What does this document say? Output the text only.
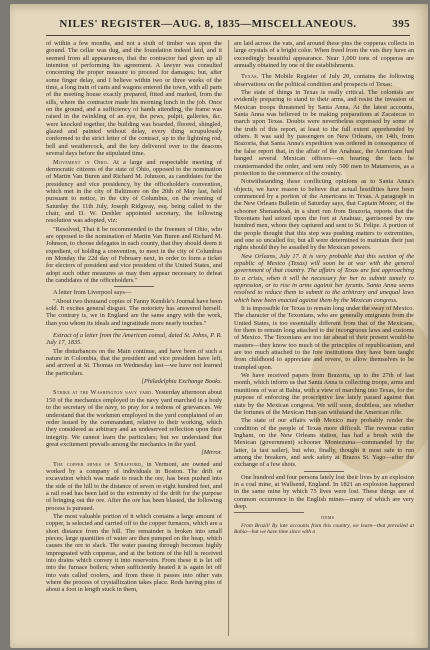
NILES' REGISTER—AUG. 8, 1835—MISCELLANEOUS.	395

of within a few months, and not a sixth of timber was upon the ground. The cellar was dug, and the foundation indeed laid, and it seemed from all appearances, that the contractor had given up all intention of performing his agreement. A lawyer was consulted concerning the proper measure to proceed for damages; but, after some finger delay, and I believe within two or three weeks of the time, a long train of carts and wagons entered the town, with all parts of the meeting house exactly prepared, fitted and marked, from the sills, where the contractor made his morning lunch in the job. Once on the ground, and a sufficiency of hands attending, the frame was raised in the twinkling of an eye, the pews, pulpit, galleries, &c. were knocked together, the building was boarded, floored, shingled, glazed and painted without delay, every thing scrupulously conformed to the strict letter of the contract, up to the lightning rod, bell and weathercock, and the key delivered over to the deacons several days before the stipulated time.

Movement in Ohio. At a large and respectable meeting of democratic citizens of the state of Ohio, opposed to the nomination of Martin Van Buren and Richard M. Johnson, as candidates for the presidency and vice presidency, by the officeholder's convention, which met in the city of Baltimore on the 20th of May last, held pursuant to notice, in the city of Columbus, on the evening of Saturday the 11th July, Joseph Ridgway, esq. being called to the chair, and D. W. Deshler appointed secretary, the following resolution was adopted, viz:

"Resolved, That it be recommended to the freemen of Ohio, who are opposed to the nomination of Martin Van Buren and Richard M. Johnson, to choose delegates in each county, that they should deem it expedient, of holding a convention, to meet in the city of Columbus on Monday the 22d day of February next, in order to form a ticket for electors of president and vice president of the United States, and adopt such other measures as may then appear necessary to defeat the candidates of the officeholders."

A letter from Liverpool says—

"About two thousand copies of Fanny Kemble's Journal have been sold. It excites general disgust. The notoriety has answered herself. The contrary is, we in England are the same angry with the work, than you whom its ideals and ingratitude more nearly touches."

Extract of a letter from the American consul, dated St. Johns, P. R. July 17, 1835.

The disturbances on the Main continue, and have been of such a nature in Colombia, that the president and vice president have left, and arrived at St. Thomas on Wednesday last—we have not learned the particulars.

[Philadelphia Exchange Books.

Strike at the Washington navy yard. Yesterday afternoon about 150 of the mechanics employed in the navy yard marched in a body to the secretary of the navy, to pray for a redress of grievances. We understand that the workmen employed in the yard complained of an order issued by the commandant, relative to their working, which they considered as arbitrary and an undeserved reflection upon their integrity. We cannot learn the particulars; but we understand that great excitement prevails among the mechanics in the yard.

[Mirror.

The copper mines of Strafford, in Vermont, are owned and worked by a company of individuals in Boston. The drift or excavation which was made to reach the ore, has been pushed into the side of the hill to the distance of seven or eight hundred feet, and a rail road has been laid to the extremity of the drift for the purpose of bringing out the ore. After the ore has been blasted, the following process is pursued.

The most valuable portion of it which contains a large amount of copper, is selected and carried off to the copper furnaces, which are a short distance from the hill. The remainder is broken into small pieces; large quantities of water are then pumped on the heap, which causes the ore to slack. The water passing through becomes highly impregnated with copperas, and at the bottom of the hill is received into drains which convey it into reservoirs. From these it is let off into the furnace boilers; when sufficiently heated it is again let off into vats called coolers, and from these it passes into other vats where the process of crystallization takes place. Rods having pins of about a foot in length stuck in them,

are laid across the vats, and around these pins the copperas collects in large crystals of a bright color. When freed from the vats they have an exceedingly beautiful appearance. Near 1,000 tons of copperas are annually obtained by one of the establishments.

Texas. The Mobile Register of July 20, contains the following observations on the political condition and prospects of Texas:

The state of things in Texas is really critical. The colonists are evidently preparing to stand to their arms, and resist the invasion of Mexican troops threatened by Santa Anna. At the latest accounts, Santa Anna was believed to be making preparations at Zacatecas to march upon Texas. Doubts were nevertheless expressed by some of the truth of this report, at least to the full extent apprehended by others. It was said by passengers on New Orleans, on 14th, from Brazoria, that Santa Anna's expedition was ordered in consequence of the false report that, in the affair of the Anahuac, the Americans had hanged several Mexican officers—on hearing the facts he countermanded the order, and sent only 500 men to Matamoros, as a protection to the commerce of the country.

Notwithstanding these conflicting opinions as to Santa Anna's objects, we have reason to believe that actual hostilities have been commenced by a portion of the Americans in Texas. A paragraph in the New Orleans Bulletin of Saturday says, that Captain Moore, of the schooner Shenandoah, in a short run from Brazoria, reports that the Texonians had seized upon the fort at Anahuac, garrisoned by one hundred men, whom they captured and sent to St. Felipe. A portion of the people thought that this step was pushing matters to extremities, and one so uncalled for, but all were determined to maintain their just rights should they be assailed by the Mexican powers.

New Orleans, July 17. It is very probable that this section of the republic of Mexico (Texas) will soon be at war with the general government of that country. The affairs of Texas are fast approaching to a crisis, when it will be necessary for her to submit tamely to oppression, or to rise in arms against her tyrants. Santa Anna seems resolved to reduce them to submit to the arbitrary and unequal laws which have been enacted against them by the Mexican congress.

It is impossible for Texas to remain long under the sway of Mexico. The character of the Texonians, who are generally emigrants from the United States, is too essentially different from that of the Mexicans, for them to remain long attached to the incongruous laws and customs of Mexico. The Texonians are too far ahead of their present would-be masters—they know too much of the principles of republicanism, and are too much attached to the free institutions they have been taught from childhood to appreciate and revere, to allow themselves to be trampled upon.

We have received papers from Brazoria, up to the 27th of last month, which inform us that Santa Anna is collecting troops, arms and munitions of war at Bahia, with a view of marching into Texas, for the purpose of enforcing the proscriptive law lately passed against that state by the Mexican congress. We will soon, doubtless, see whether the fortunes of the Mexican Hun can withstand the American rifle.

The state of our affairs with Mexico may probably render the condition of the people of Texas more difficult. The revenue cutter Ingham, on the New Orleans station, has had a brush with the Mexican (government) schooner Montezuma—commanded by the latter, (a fast sailer), but who, finally, thought it most safe to run among the breakers, and seek safety at Brazos St. Yago—after the exchange of a few shots.

One hundred and four persons lately lost their lives by an explosion in a coal mine, at Wallsend, England. In 1821 an explosion happened in the same mine by which 75 lives were lost. These things are of common occurrence in the English mines—many of which are very deep.

items

From Brazil! By late accounts from this country, we learn—that prevailed at Bahia—but we have time since with a
